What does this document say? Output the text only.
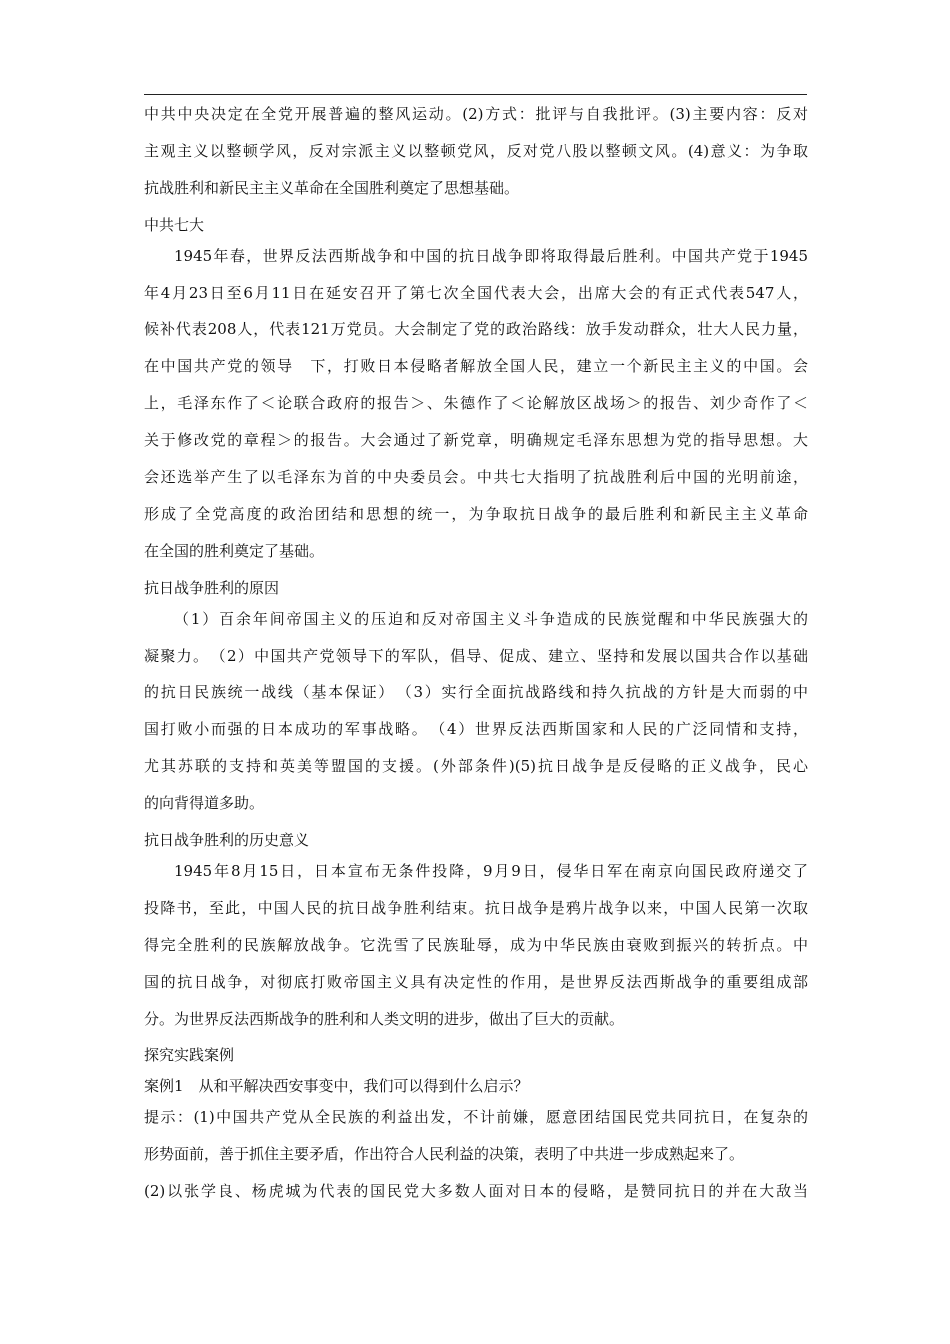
中共中央决定在全党开展普遍的整风运动。(2)方式：批评与自我批评。(3)主要内容：反对
主观主义以整顿学风，反对宗派主义以整顿党风，反对党八股以整顿文风。(4)意义：为争取
抗战胜利和新民主主义革命在全国胜利奠定了思想基础。
中共七大
1945年春，世界反法西斯战争和中国的抗日战争即将取得最后胜利。中国共产党于1945
年4月23日至6月11日在延安召开了第七次全国代表大会，出席大会的有正式代表547人，
候补代表208人，代表121万党员。大会制定了党的政治路线：放手发动群众，壮大人民力量，
在中国共产党的领导　下，打败日本侵略者解放全国人民，建立一个新民主主义的中国。会
上，毛泽东作了＜论联合政府的报告＞、朱德作了＜论解放区战场＞的报告、刘少奇作了＜
关于修改党的章程＞的报告。大会通过了新党章，明确规定毛泽东思想为党的指导思想。大
会还选举产生了以毛泽东为首的中央委员会。中共七大指明了抗战胜利后中国的光明前途，
形成了全党高度的政治团结和思想的统一，为争取抗日战争的最后胜利和新民主主义革命
在全国的胜利奠定了基础。
抗日战争胜利的原因
（1）百余年间帝国主义的压迫和反对帝国主义斗争造成的民族觉醒和中华民族强大的
凝聚力。　（2）中国共产党领导下的军队，倡导、促成、建立、坚持和发展以国共合作以基础
的抗日民族统一战线（基本保证）　（3）实行全面抗战路线和持久抗战的方针是大而弱的中
国打败小而强的日本成功的军事战略。　（4）世界反法西斯国家和人民的广泛同情和支持，
尤其苏联的支持和英美等盟国的支援。(外部条件)(5)抗日战争是反侵略的正义战争，民心
的向背得道多助。
抗日战争胜利的历史意义
1945年8月15日，日本宣布无条件投降，9月9日，侵华日军在南京向国民政府递交了
投降书，至此，中国人民的抗日战争胜利结束。抗日战争是鸦片战争以来，中国人民第一次取
得完全胜利的民族解放战争。它洗雪了民族耻辱，成为中华民族由衰败到振兴的转折点。中
国的抗日战争，对彻底打败帝国主义具有决定性的作用，是世界反法西斯战争的重要组成部
分。为世界反法西斯战争的胜利和人类文明的进步，做出了巨大的贡献。
探究实践案例
案例1　从和平解决西安事变中，我们可以得到什么启示？
提示：(1)中国共产党从全民族的利益出发，不计前嫌，愿意团结国民党共同抗日，在复杂的
形势面前，善于抓住主要矛盾，作出符合人民利益的决策，表明了中共进一步成熟起来了。
(2)以张学良、杨虎城为代表的国民党大多数人面对日本的侵略，是赞同抗日的并在大敌当
